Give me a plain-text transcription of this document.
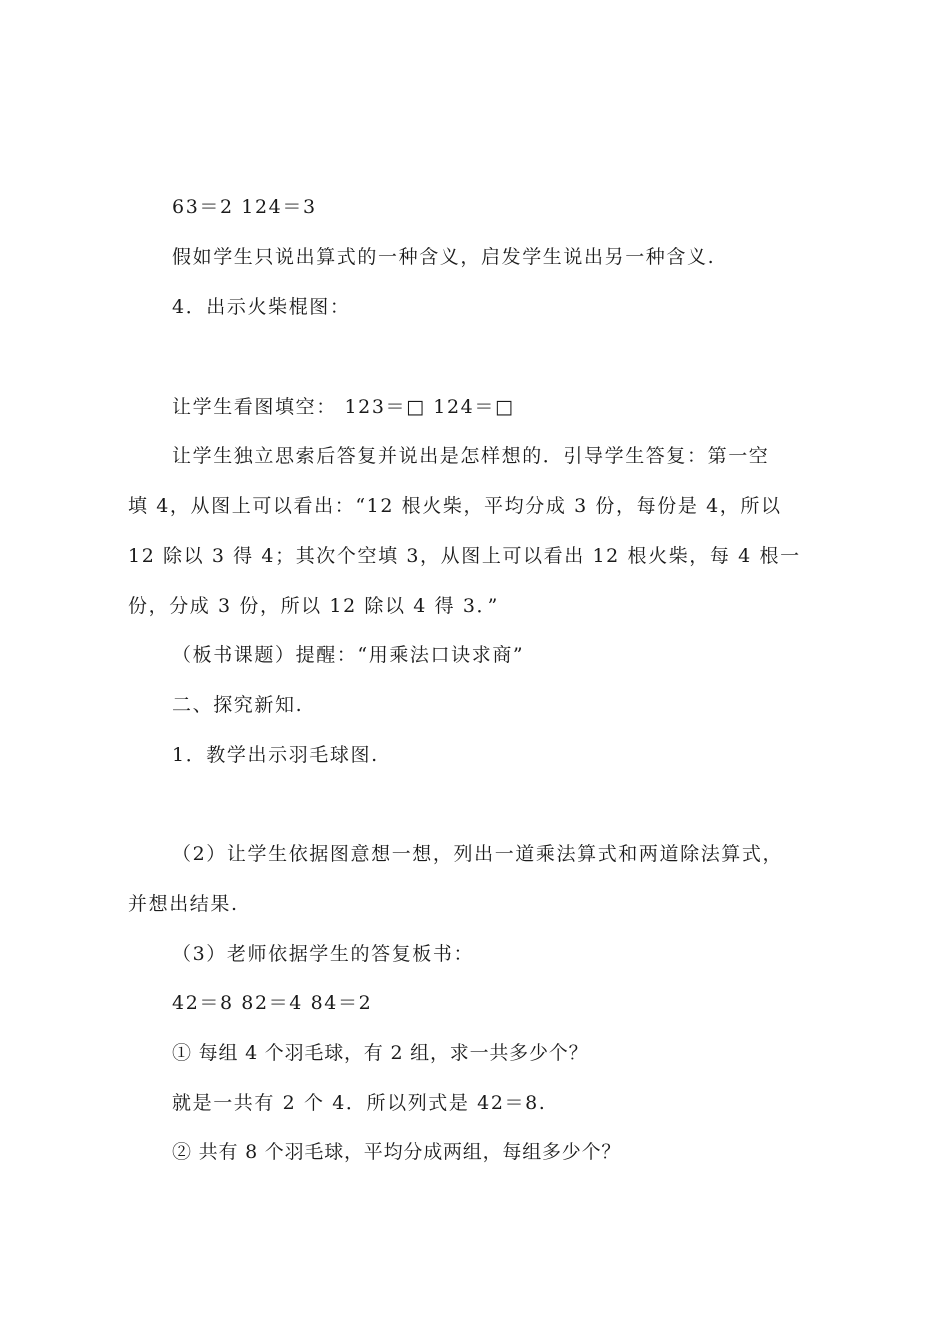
63＝2 124＝3
假如学生只说出算式的一种含义，启发学生说出另一种含义.
4．出示火柴棍图：
让学生看图填空： 123＝□ 124＝□
让学生独立思索后答复并说出是怎样想的．引导学生答复：第一空
填 4，从图上可以看出：“12 根火柴，平均分成 3 份，每份是 4，所以
12 除以 3 得 4；其次个空填 3，从图上可以看出 12 根火柴，每 4 根一
份，分成 3 份，所以 12 除以 4 得 3．”
（板书课题）提醒：“用乘法口诀求商”
二、探究新知.
1．教学出示羽毛球图.
（2）让学生依据图意想一想，列出一道乘法算式和两道除法算式，
并想出结果.
（3）老师依据学生的答复板书：
42＝8 82＝4 84＝2
① 每组 4 个羽毛球，有 2 组，求一共多少个？
就是一共有 2 个 4．所以列式是 42＝8.
② 共有 8 个羽毛球，平均分成两组，每组多少个？
